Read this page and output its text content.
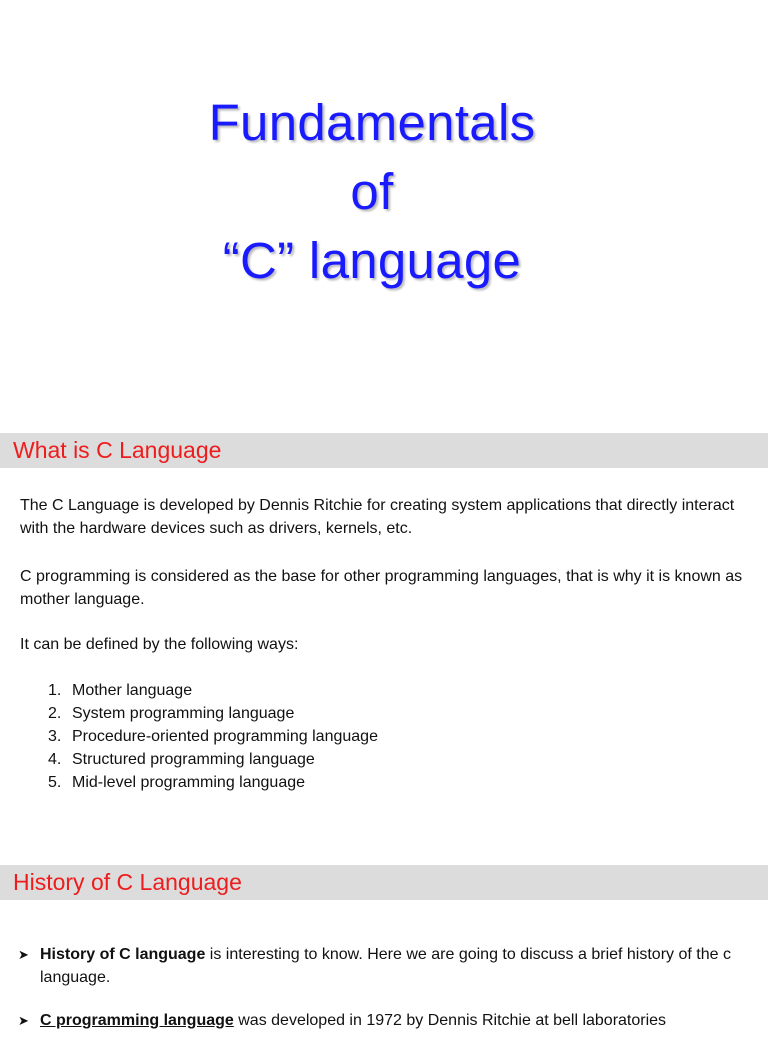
Fundamentals
of
“C” language
What is C Language

The C Language is developed by Dennis Ritchie for creating system applications that directly interact with the hardware devices such as drivers, kernels, etc.

C programming is considered as the base for other programming languages, that is why it is known as mother language.

It can be defined by the following ways:

1. Mother language
2. System programming language
3. Procedure-oriented programming language
4. Structured programming language
5. Mid-level programming language
History of C Language
➤ History of C language is interesting to know. Here we are going to discuss a brief history of the c language.
➤ C programming language was developed in 1972 by Dennis Ritchie at bell laboratories
